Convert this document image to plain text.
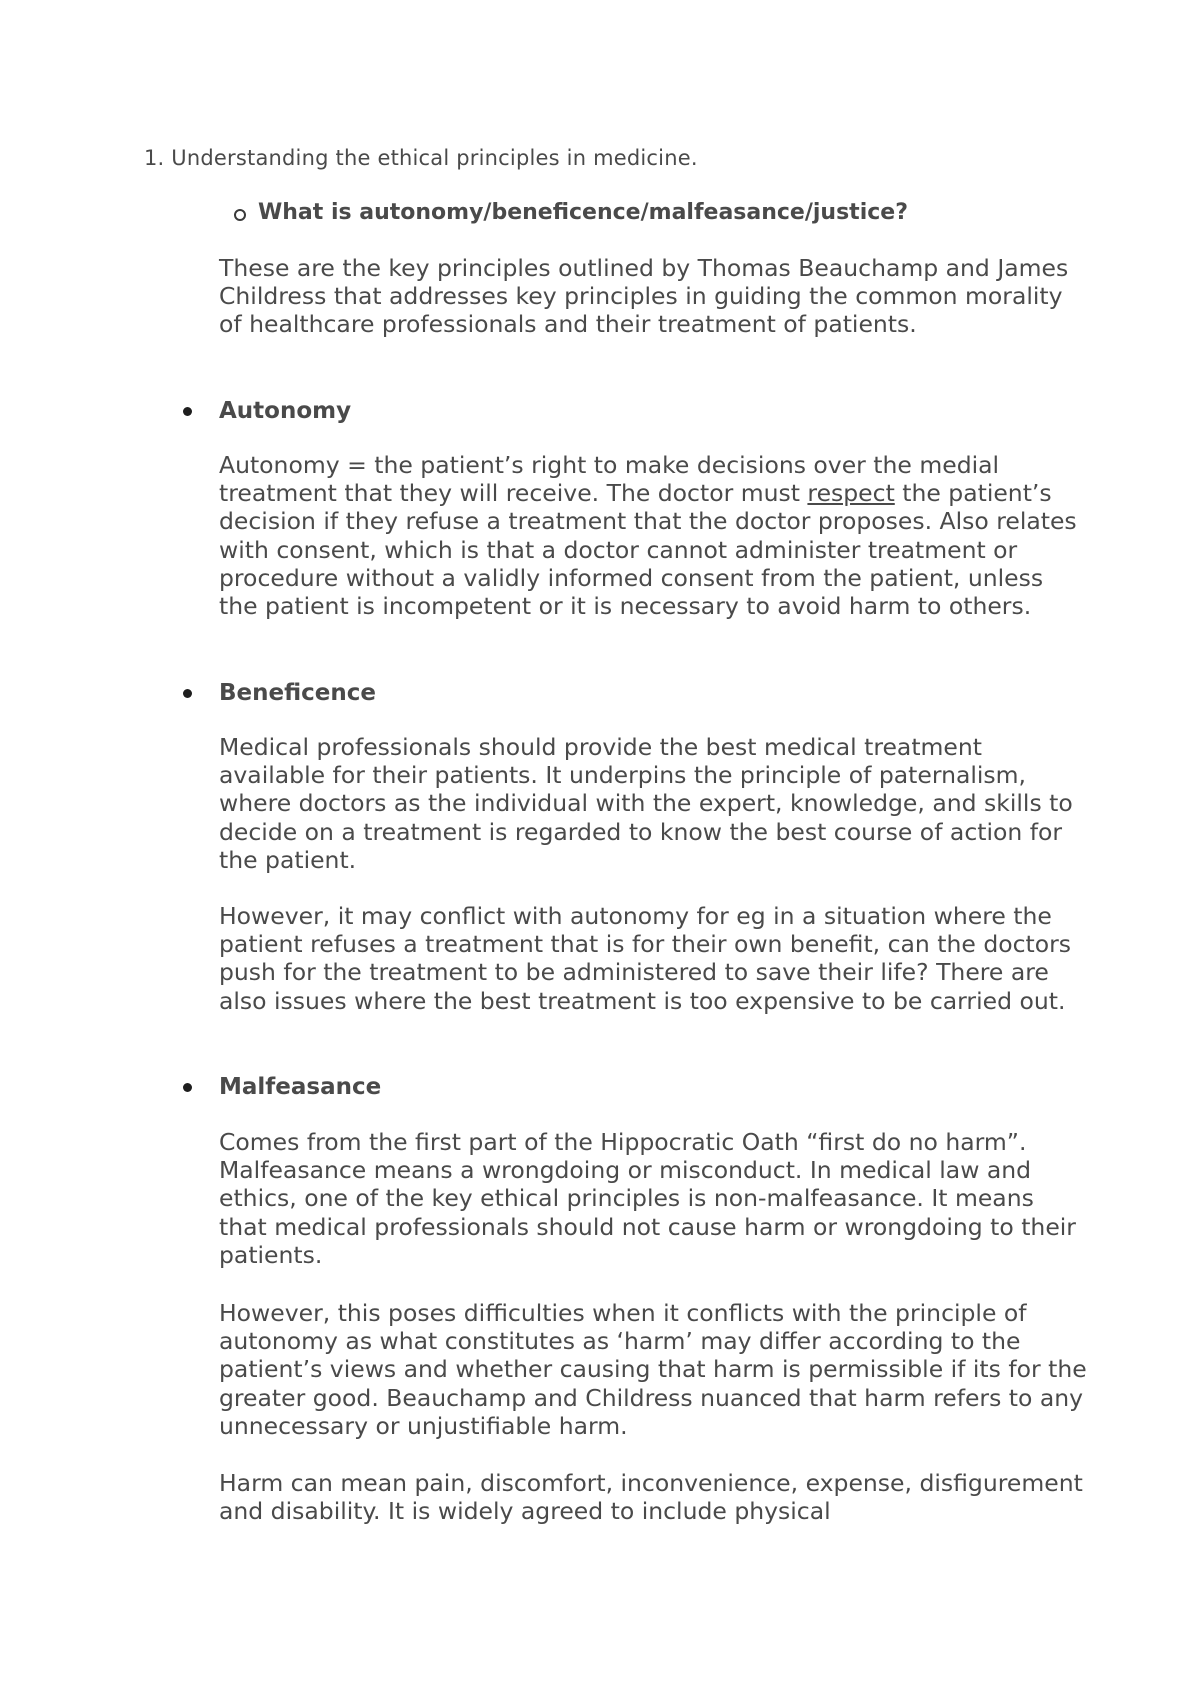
1. Understanding the ethical principles in medicine.
What is autonomy/beneficence/malfeasance/justice?

These are the key principles outlined by Thomas Beauchamp and James Childress that addresses key principles in guiding the common morality of healthcare professionals and their treatment of patients.

Autonomy

Autonomy = the patient’s right to make decisions over the medial treatment that they will receive. The doctor must respect the patient’s decision if they refuse a treatment that the doctor proposes. Also relates with consent, which is that a doctor cannot administer treatment or procedure without a validly informed consent from the patient, unless the patient is incompetent or it is necessary to avoid harm to others.

Beneficence

Medical professionals should provide the best medical treatment available for their patients. It underpins the principle of paternalism, where doctors as the individual with the expert, knowledge, and skills to decide on a treatment is regarded to know the best course of action for the patient.

However, it may conflict with autonomy for eg in a situation where the patient refuses a treatment that is for their own benefit, can the doctors push for the treatment to be administered to save their life? There are also issues where the best treatment is too expensive to be carried out.

Malfeasance

Comes from the first part of the Hippocratic Oath “first do no harm”. Malfeasance means a wrongdoing or misconduct. In medical law and ethics, one of the key ethical principles is non-malfeasance. It means that medical professionals should not cause harm or wrongdoing to their patients.

However, this poses difficulties when it conflicts with the principle of autonomy as what constitutes as ‘harm’ may differ according to the patient’s views and whether causing that harm is permissible if its for the greater good. Beauchamp and Childress nuanced that harm refers to any unnecessary or unjustifiable harm.

Harm can mean pain, discomfort, inconvenience, expense, disfigurement and disability. It is widely agreed to include physical
